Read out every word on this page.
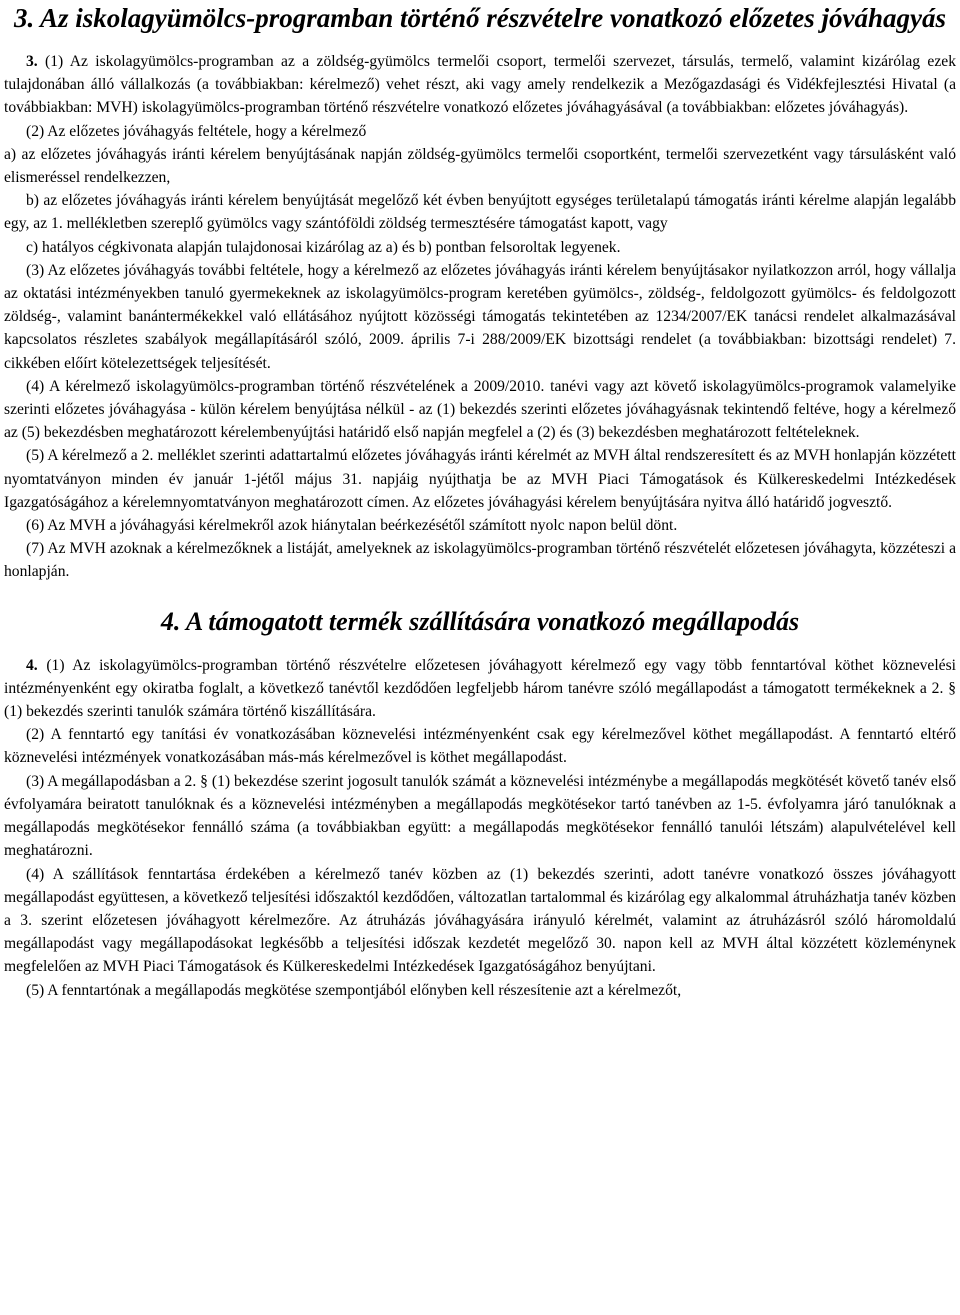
3. Az iskolagyümölcs-programban történő részvételre vonatkozó előzetes jóváhagyás

3. (1) Az iskolagyümölcs-programban az a zöldség-gyümölcs termelői csoport, termelői szervezet, társulás, termelő, valamint kizárólag ezek tulajdonában álló vállalkozás (a továbbiakban: kérelmező) vehet részt, aki vagy amely rendelkezik a Mezőgazdasági és Vidékfejlesztési Hivatal (a továbbiakban: MVH) iskolagyümölcs-programban történő részvételre vonatkozó előzetes jóváhagyásával (a továbbiakban: előzetes jóváhagyás).

(2) Az előzetes jóváhagyás feltétele, hogy a kérelmező

a) az előzetes jóváhagyás iránti kérelem benyújtásának napján zöldség-gyümölcs termelői csoportként, termelői szervezetként vagy társulásként való elismeréssel rendelkezzen,

b) az előzetes jóváhagyás iránti kérelem benyújtását megelőző két évben benyújtott egységes területalapú támogatás iránti kérelme alapján legalább egy, az 1. mellékletben szereplő gyümölcs vagy szántóföldi zöldség termesztésére támogatást kapott, vagy

c) hatályos cégkivonata alapján tulajdonosai kizárólag az a) és b) pontban felsoroltak legyenek.

(3) Az előzetes jóváhagyás további feltétele, hogy a kérelmező az előzetes jóváhagyás iránti kérelem benyújtásakor nyilatkozzon arról, hogy vállalja az oktatási intézményekben tanuló gyermekeknek az iskolagyümölcs-program keretében gyümölcs-, zöldség-, feldolgozott gyümölcs- és feldolgozott zöldség-, valamint banántermékekkel való ellátásához nyújtott közösségi támogatás tekintetében az 1234/2007/EK tanácsi rendelet alkalmazásával kapcsolatos részletes szabályok megállapításáról szóló, 2009. április 7-i 288/2009/EK bizottsági rendelet (a továbbiakban: bizottsági rendelet) 7. cikkében előírt kötelezettségek teljesítését.

(4) A kérelmező iskolagyümölcs-programban történő részvételének a 2009/2010. tanévi vagy azt követő iskolagyümölcs-programok valamelyike szerinti előzetes jóváhagyása - külön kérelem benyújtása nélkül - az (1) bekezdés szerinti előzetes jóváhagyásnak tekintendő feltéve, hogy a kérelmező az (5) bekezdésben meghatározott kérelembenyújtási határidő első napján megfelel a (2) és (3) bekezdésben meghatározott feltételeknek.

(5) A kérelmező a 2. melléklet szerinti adattartalmú előzetes jóváhagyás iránti kérelmét az MVH által rendszeresített és az MVH honlapján közzétett nyomtatványon minden év január 1-jétől május 31. napjáig nyújthatja be az MVH Piaci Támogatások és Külkereskedelmi Intézkedések Igazgatóságához a kérelemnyomtatványon meghatározott címen. Az előzetes jóváhagyási kérelem benyújtására nyitva álló határidő jogvesztő.

(6) Az MVH a jóváhagyási kérelmekről azok hiánytalan beérkezésétől számított nyolc napon belül dönt.

(7) Az MVH azoknak a kérelmezőknek a listáját, amelyeknek az iskolagyümölcs-programban történő részvételét előzetesen jóváhagyta, közzéteszi a honlapján.

4. A támogatott termék szállítására vonatkozó megállapodás

4. (1) Az iskolagyümölcs-programban történő részvételre előzetesen jóváhagyott kérelmező egy vagy több fenntartóval köthet köznevelési intézményenként egy okiratba foglalt, a következő tanévtől kezdődően legfeljebb három tanévre szóló megállapodást a támogatott termékeknek a 2. § (1) bekezdés szerinti tanulók számára történő kiszállítására.

(2) A fenntartó egy tanítási év vonatkozásában köznevelési intézményenként csak egy kérelmezővel köthet megállapodást. A fenntartó eltérő köznevelési intézmények vonatkozásában más-más kérelmezővel is köthet megállapodást.

(3) A megállapodásban a 2. § (1) bekezdése szerint jogosult tanulók számát a köznevelési intézménybe a megállapodás megkötését követő tanév első évfolyamára beiratott tanulóknak és a köznevelési intézményben a megállapodás megkötésekor tartó tanévben az 1-5. évfolyamra járó tanulóknak a megállapodás megkötésekor fennálló száma (a továbbiakban együtt: a megállapodás megkötésekor fennálló tanulói létszám) alapulvételével kell meghatározni.

(4) A szállítások fenntartása érdekében a kérelmező tanév közben az (1) bekezdés szerinti, adott tanévre vonatkozó összes jóváhagyott megállapodást együttesen, a következő teljesítési időszaktól kezdődően, változatlan tartalommal és kizárólag egy alkalommal átruházhatja tanév közben a 3. szerint előzetesen jóváhagyott kérelmezőre. Az átruházás jóváhagyására irányuló kérelmét, valamint az átruházásról szóló háromoldalú megállapodást vagy megállapodásokat legkésőbb a teljesítési időszak kezdetét megelőző 30. napon kell az MVH által közzétett közleménynek megfelelően az MVH Piaci Támogatások és Külkereskedelmi Intézkedések Igazgatóságához benyújtani.

(5) A fenntartónak a megállapodás megkötése szempontjából előnyben kell részesítenie azt a kérelmezőt,
